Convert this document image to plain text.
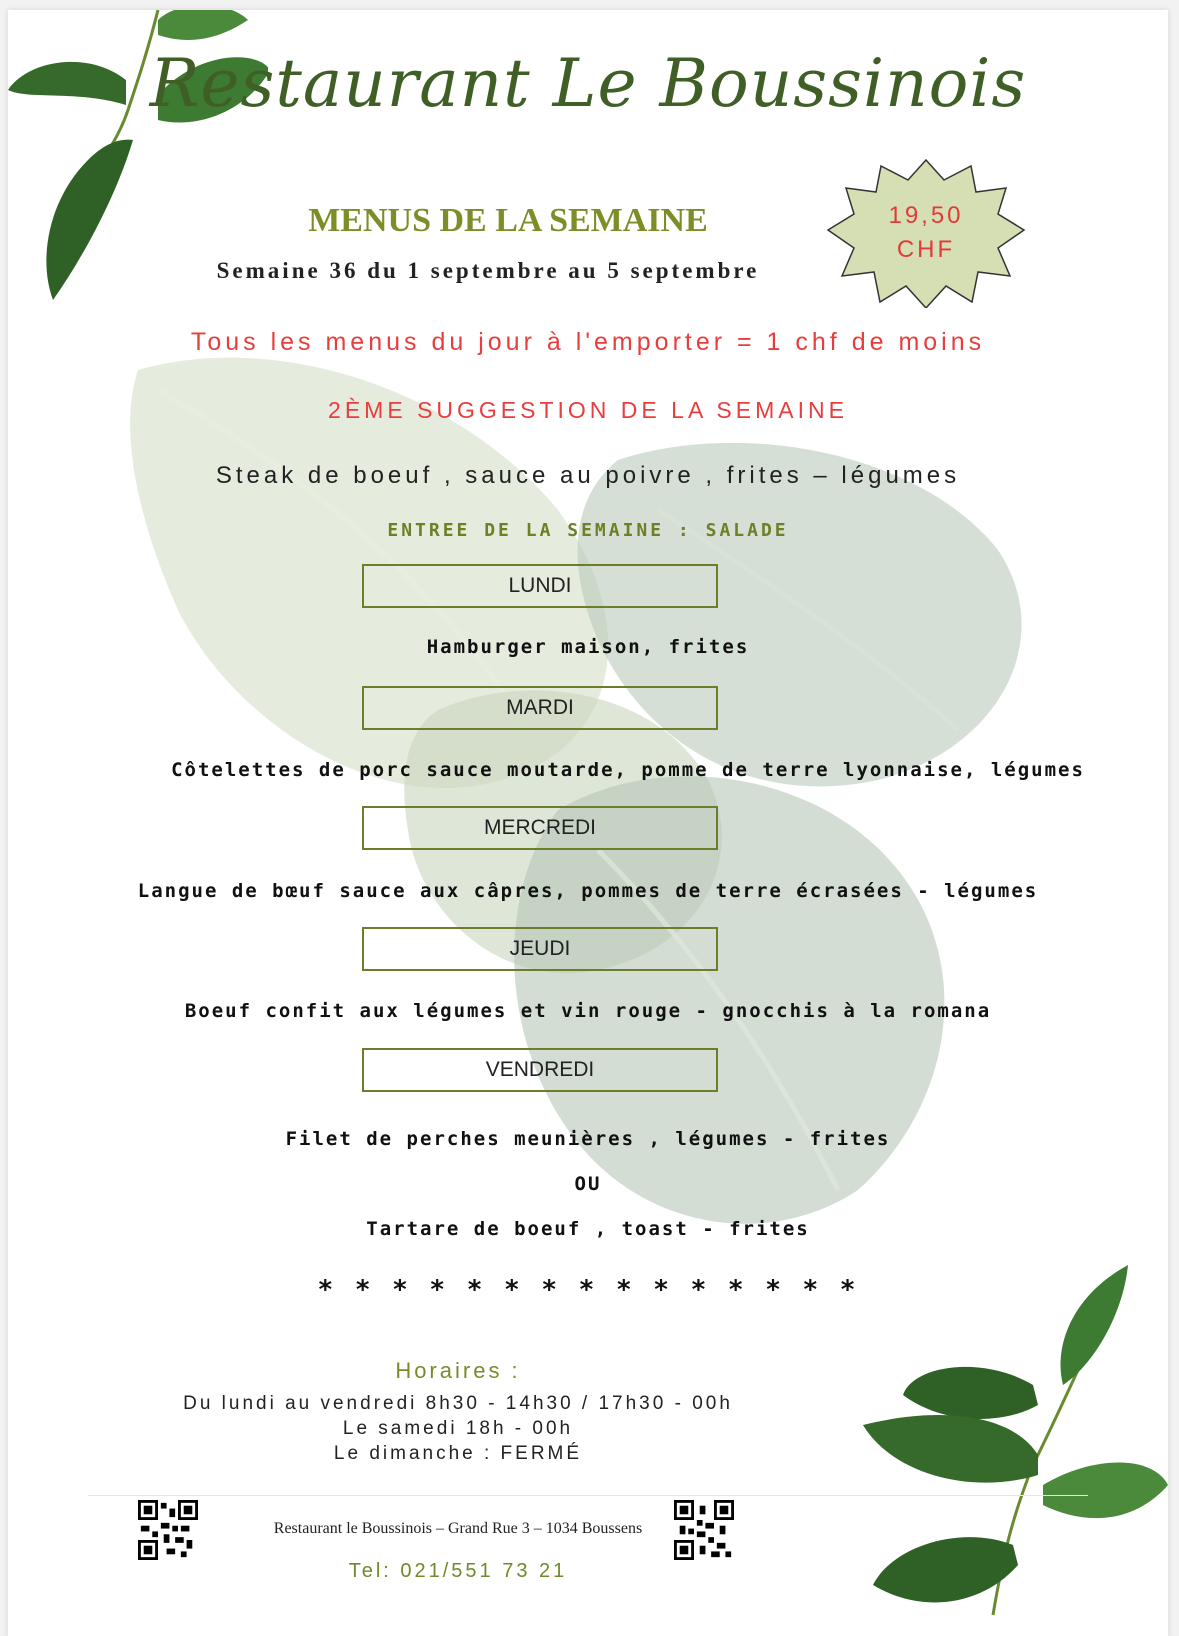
Restaurant Le Boussinois
19,50
CHF
MENUS DE LA SEMAINE
Semaine 36 du 1 septembre au 5 septembre
Tous les menus du jour à l'emporter = 1 chf de moins
2ÈME SUGGESTION DE LA SEMAINE
Steak de boeuf , sauce au poivre , frites – légumes
ENTREE DE LA SEMAINE : SALADE
LUNDI
Hamburger maison, frites
MARDI
Côtelettes de porc sauce moutarde, pomme de terre lyonnaise, légumes
MERCREDI
Langue de bœuf sauce aux câpres, pommes de terre écrasées - légumes
JEUDI
Boeuf confit aux légumes et vin rouge - gnocchis à la romana
VENDREDI
Filet de perches meunières , légumes - frites
OU
Tartare de boeuf , toast - frites
* * * * * * * * * * * * * * *
Horaires :
Du lundi au vendredi 8h30 - 14h30 / 17h30 - 00h
Le samedi 18h - 00h
Le dimanche : FERMÉ
Restaurant le Boussinois – Grand Rue 3 – 1034 Boussens
Tel: 021/551 73 21
